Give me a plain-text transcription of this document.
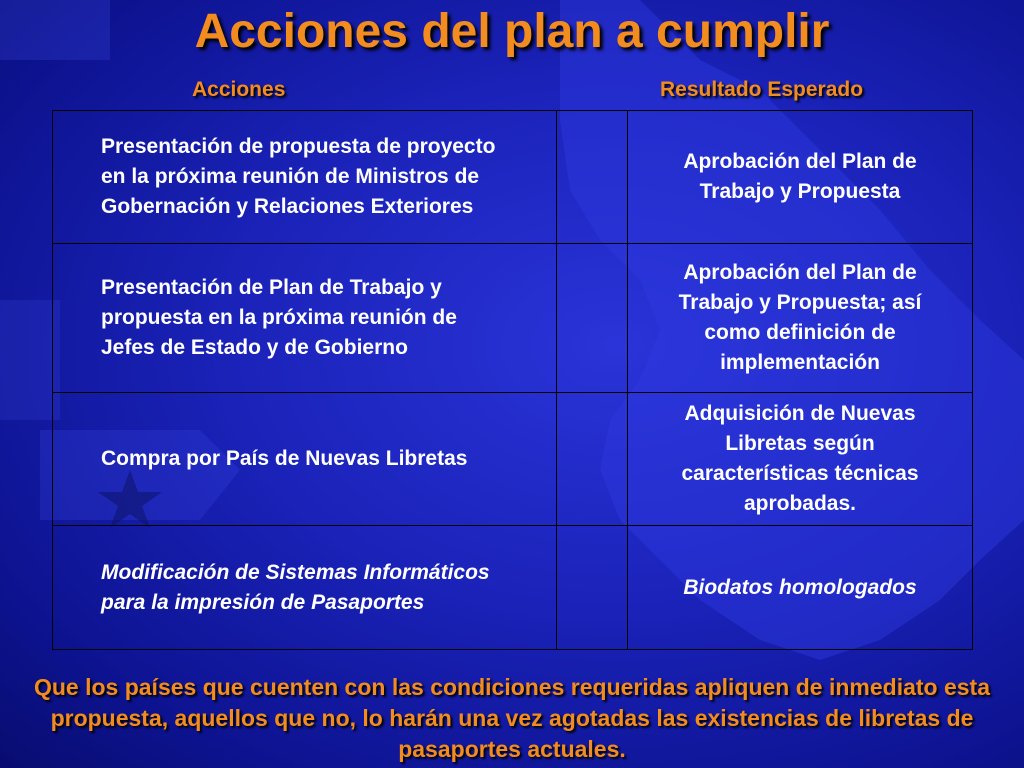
Acciones del plan a cumplir
Acciones	Resultado Esperado
Presentación de propuesta de proyecto en la próxima reunión de Ministros de Gobernación y Relaciones Exteriores		Aprobación del Plan de Trabajo y Propuesta

Presentación de Plan de Trabajo y propuesta en la próxima reunión de Jefes de Estado y de Gobierno		Aprobación del Plan de Trabajo y Propuesta; así como definición de implementación

Compra por País de Nuevas Libretas		Adquisición de Nuevas Libretas según características técnicas aprobadas.

Modificación de Sistemas Informáticos para la impresión de Pasaportes		Biodatos homologados
Que los países que cuenten con las condiciones requeridas apliquen de inmediato esta propuesta, aquellos que no, lo harán una vez agotadas las existencias de libretas de pasaportes actuales.
